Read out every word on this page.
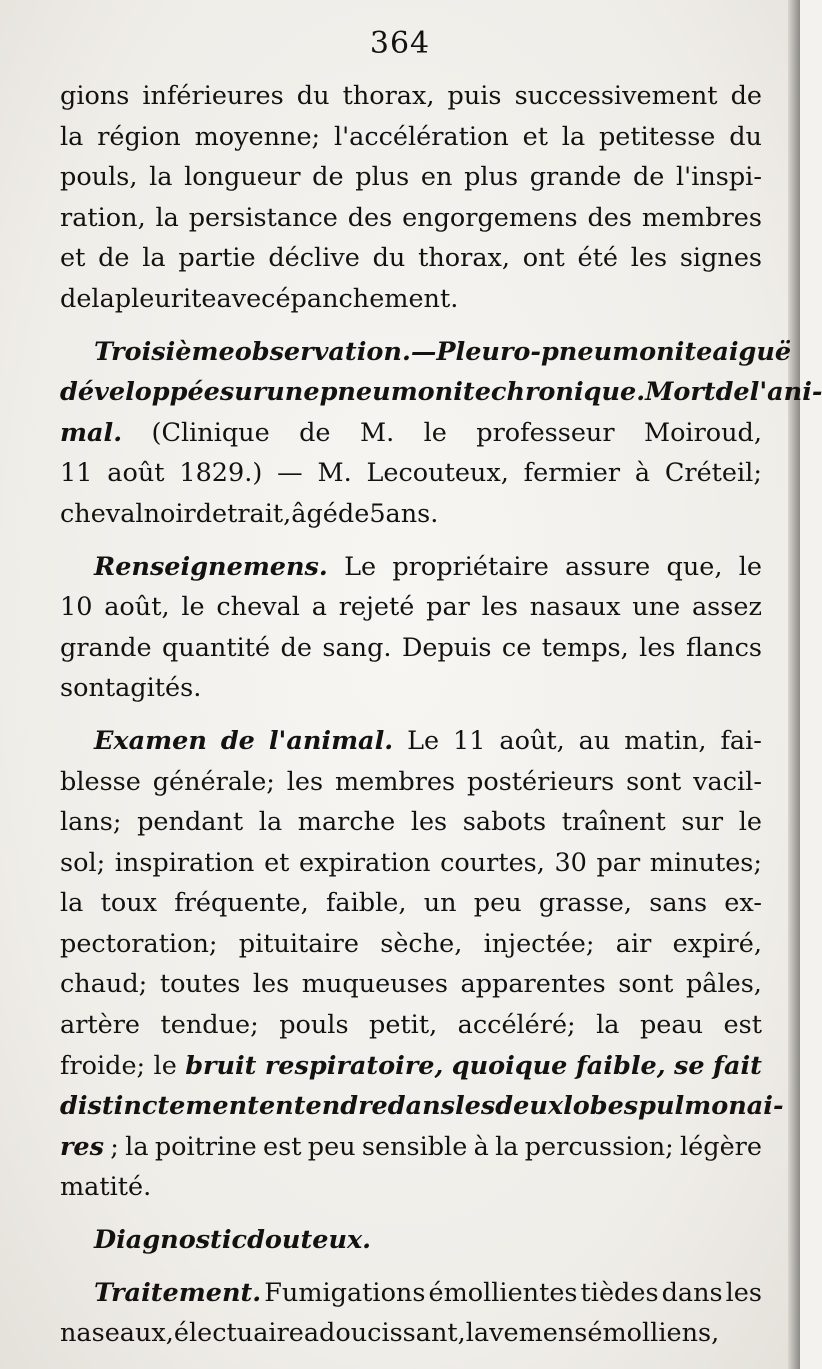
364
gions inférieures du thorax, puis successivement de
la région moyenne; l'accélération et la petitesse du
pouls, la longueur de plus en plus grande de l'inspi-
ration, la persistance des engorgemens des membres
et de la partie déclive du thorax, ont été les signes
de la pleurite avec épanchement.
Troisième observation. — Pleuro-pneumonite aiguë
développée sur une pneumonite chronique. Mort de l'ani-
mal. (Clinique de M. le professeur Moiroud,
11 août 1829.) — M. Lecouteux, fermier à Créteil;
cheval noir de trait, âgé de 5 ans.
Renseignemens. Le propriétaire assure que, le
10 août, le cheval a rejeté par les nasaux une assez
grande quantité de sang. Depuis ce temps, les flancs
sont agités.
Examen de l'animal. Le 11 août, au matin, fai-
blesse générale; les membres postérieurs sont vacil-
lans; pendant la marche les sabots traînent sur le
sol; inspiration et expiration courtes, 30 par minutes;
la toux fréquente, faible, un peu grasse, sans ex-
pectoration; pituitaire sèche, injectée; air expiré,
chaud; toutes les muqueuses apparentes sont pâles,
artère tendue; pouls petit, accéléré; la peau est
froide; le bruit respiratoire, quoique faible, se fait
distinctement entendre dans les deux lobes pulmonai-
res ; la poitrine est peu sensible à la percussion; légère
matité.
Diagnostic douteux.
Traitement. Fumigations émollientes tièdes dans les
naseaux, électuaire adoucissant, lavemens émolliens,
